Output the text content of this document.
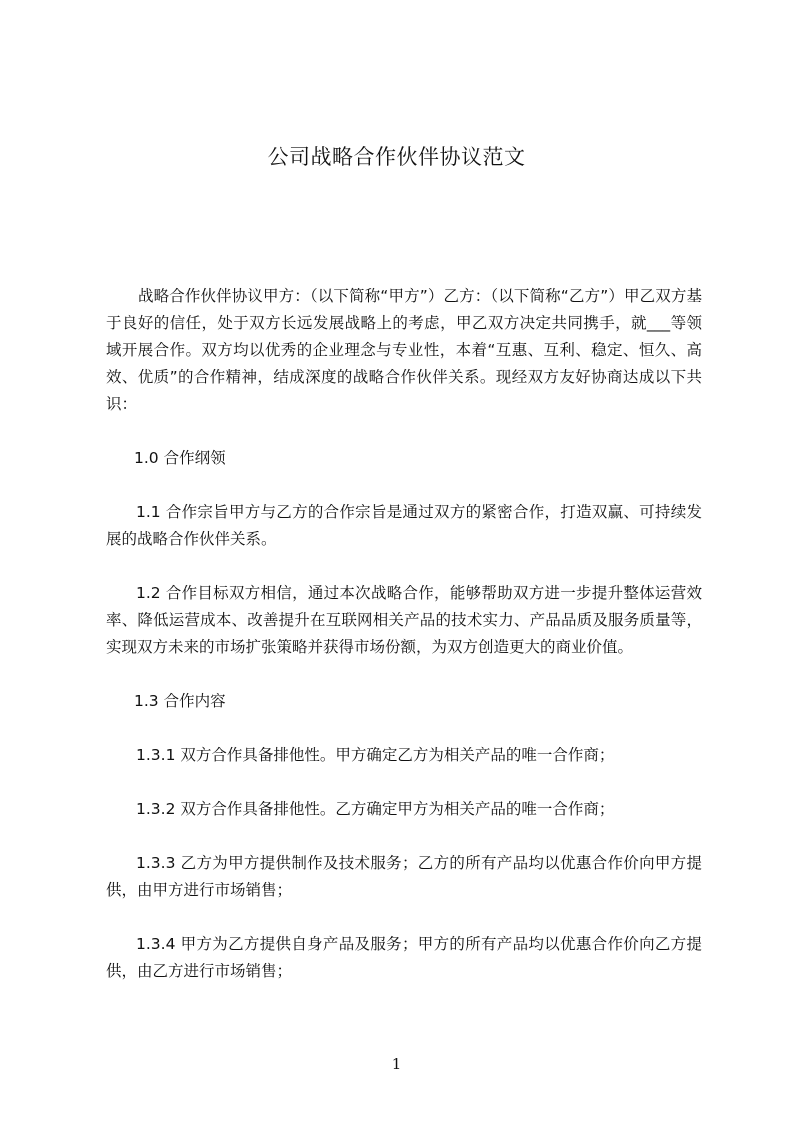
公司战略合作伙伴协议范文

战略合作伙伴协议甲方：（以下简称“甲方”）乙方：（以下简称“乙方”）甲乙双方基于良好的信任，处于双方长远发展战略上的考虑，甲乙双方决定共同携手，就___等领域开展合作。双方均以优秀的企业理念与专业性，本着“互惠、互利、稳定、恒久、高效、优质”的合作精神，结成深度的战略合作伙伴关系。现经双方友好协商达成以下共识：

1.0 合作纲领

1.1 合作宗旨甲方与乙方的合作宗旨是通过双方的紧密合作，打造双赢、可持续发展的战略合作伙伴关系。

1.2 合作目标双方相信，通过本次战略合作，能够帮助双方进一步提升整体运营效率、降低运营成本、改善提升在互联网相关产品的技术实力、产品品质及服务质量等，实现双方未来的市场扩张策略并获得市场份额，为双方创造更大的商业价值。

1.3 合作内容

1.3.1 双方合作具备排他性。甲方确定乙方为相关产品的唯一合作商；

1.3.2 双方合作具备排他性。乙方确定甲方为相关产品的唯一合作商；

1.3.3 乙方为甲方提供制作及技术服务；乙方的所有产品均以优惠合作价向甲方提供，由甲方进行市场销售；

1.3.4 甲方为乙方提供自身产品及服务；甲方的所有产品均以优惠合作价向乙方提供，由乙方进行市场销售；

1
